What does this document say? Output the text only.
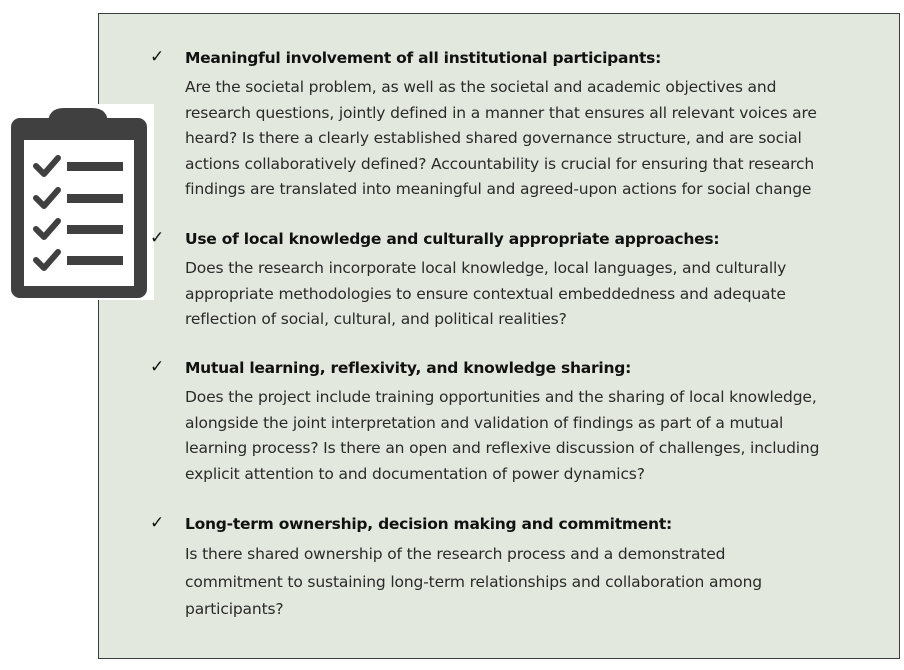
✓ Meaningful involvement of all institutional participants:
Are the societal problem, as well as the societal and academic objectives and
research questions, jointly defined in a manner that ensures all relevant voices are
heard? Is there a clearly established shared governance structure, and are social
actions collaboratively defined? Accountability is crucial for ensuring that research
findings are translated into meaningful and agreed-upon actions for social change
✓ Use of local knowledge and culturally appropriate approaches:
Does the research incorporate local knowledge, local languages, and culturally
appropriate methodologies to ensure contextual embeddedness and adequate
reflection of social, cultural, and political realities?
✓ Mutual learning, reflexivity, and knowledge sharing:
Does the project include training opportunities and the sharing of local knowledge,
alongside the joint interpretation and validation of findings as part of a mutual
learning process? Is there an open and reflexive discussion of challenges, including
explicit attention to and documentation of power dynamics?
✓ Long-term ownership, decision making and commitment:
Is there shared ownership of the research process and a demonstrated
commitment to sustaining long-term relationships and collaboration among
participants?
